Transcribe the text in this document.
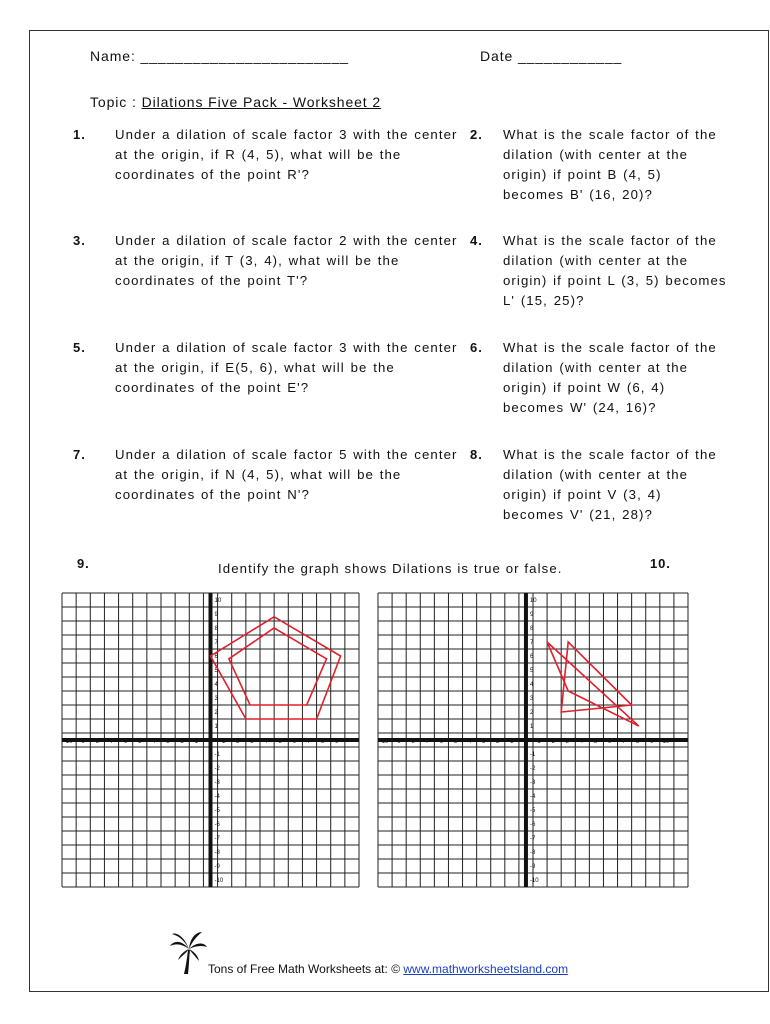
Name: ________________________	Date ____________
Topic : Dilations Five Pack - Worksheet 2
1. Under a dilation of scale factor 3 with the center
at the origin, if R (4, 5), what will be the
coordinates of the point R'?
2. What is the scale factor of the
dilation (with center at the
origin) if point B (4, 5)
becomes B' (16, 20)?
3. Under a dilation of scale factor 2 with the center
at the origin, if T (3, 4), what will be the
coordinates of the point T'?
4. What is the scale factor of the
dilation (with center at the
origin) if point L (3, 5) becomes
L' (15, 25)?
5. Under a dilation of scale factor 3 with the center
at the origin, if E(5, 6), what will be the
coordinates of the point E'?
6. What is the scale factor of the
dilation (with center at the
origin) if point W (6, 4)
becomes W' (24, 16)?
7. Under a dilation of scale factor 5 with the center
at the origin, if N (4, 5), what will be the
coordinates of the point N'?
8. What is the scale factor of the
dilation (with center at the
origin) if point V (3, 4)
becomes V' (21, 28)?
9.	10.
Identify the graph shows Dilations is true or false.
-10 -9 -8 -7 -6 -5 -4 -3 -2 -1	1 2 3 4 5 6 7 8 9
10
9
8
7
6
5
4
3
2
1
-1
-2
-3
-4
-5
-6
-7
-8
-9
-10
-10 -9 -8 -7 -6 -5 -4 -3 -2 -1	1 2 3 4 5 6 7 8 9 10
10
9
8
7
6
5
4
3
2
1
-1
-2
-3
-4
-5
-6
-7
-8
-9
-10
Tons of Free Math Worksheets at: © www.mathworksheetsland.com
